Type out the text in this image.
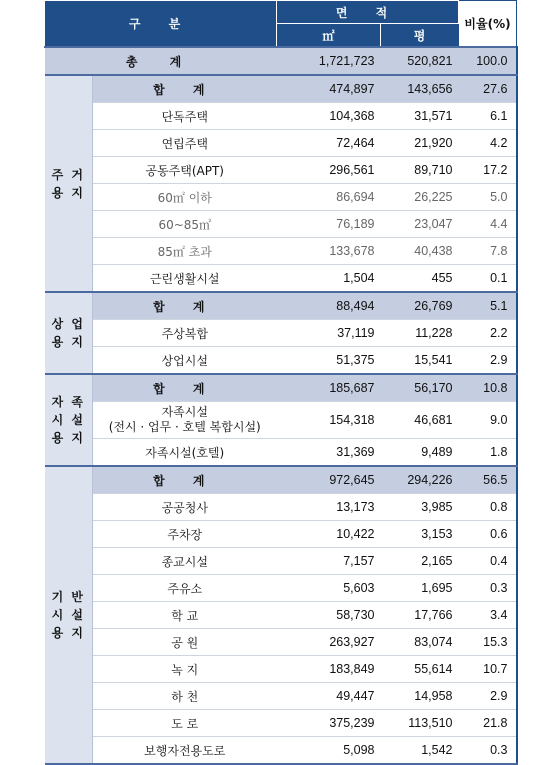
구 분		면 적		비율(%)
		㎡	평	
총 계		1,721,723	520,821	100.0

주 거
용 지	합 계	474,897	143,656	27.6
	단독주택	104,368	31,571	6.1
	연립주택	72,464	21,920	4.2
	공동주택(APT)	296,561	89,710	17.2
	60㎡ 이하	86,694	26,225	5.0
	60~85㎡	76,189	23,047	4.4
	85㎡ 초과	133,678	40,438	7.8
	근린생활시설	1,504	455	0.1

상 업
용 지	합 계	88,494	26,769	5.1
	주상복합	37,119	11,228	2.2
	상업시설	51,375	15,541	2.9

자 족
시 설
용 지	합 계	185,687	56,170	10.8

	자족시설
(전시 · 업무 · 호텔 복합시설)	154,318	46,681	9.0
	자족시설(호텔)	31,369	9,489	1.8

기 반
시 설
용 지	합 계	972,645	294,226	56.5
	공공청사	13,173	3,985	0.8
	주차장	10,422	3,153	0.6
	종교시설	7,157	2,165	0.4
	주유소	5,603	1,695	0.3
	학 교	58,730	17,766	3.4
	공 원	263,927	83,074	15.3
	녹 지	183,849	55,614	10.7
	하 천	49,447	14,958	2.9
	도 로	375,239	113,510	21.8
	보행자전용도로	5,098	1,542	0.3
